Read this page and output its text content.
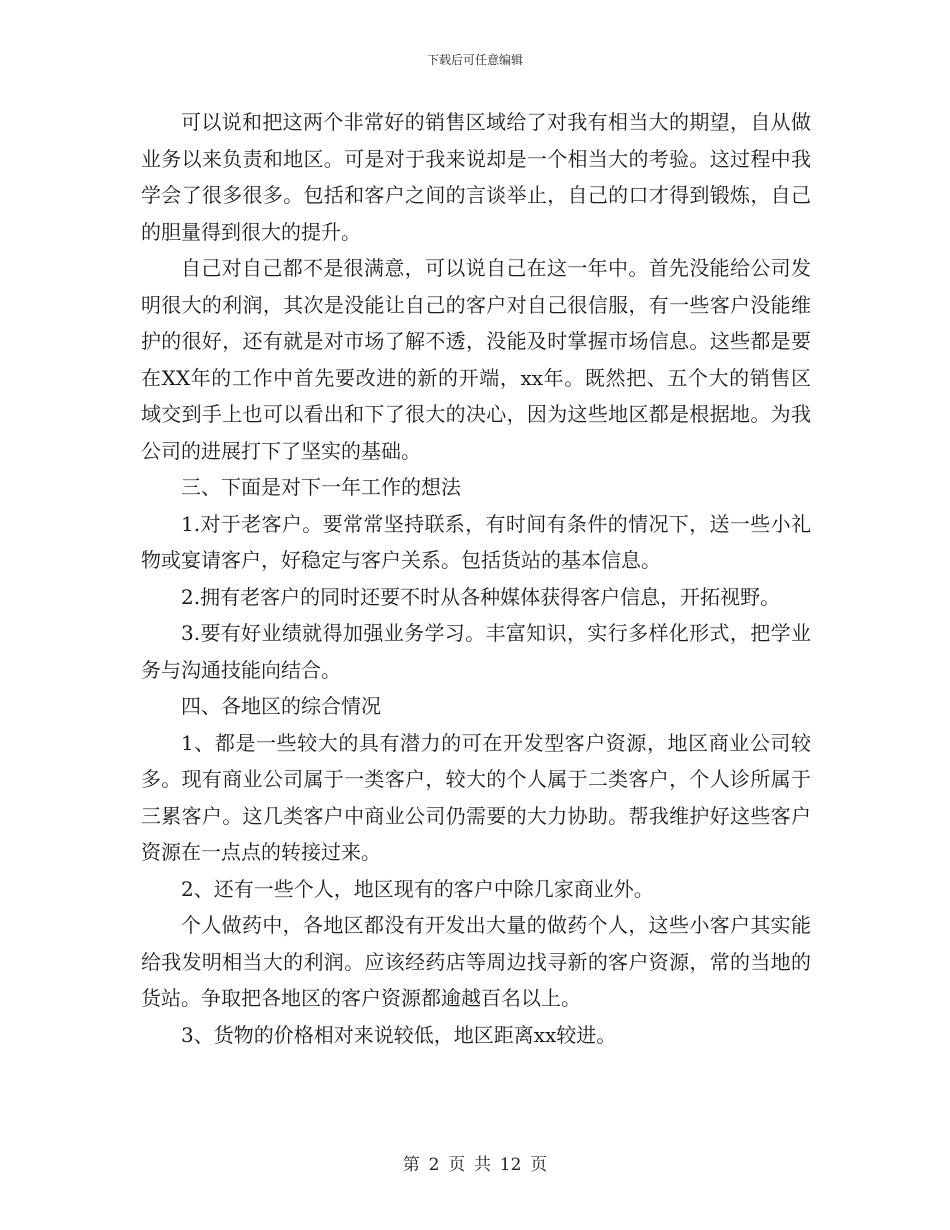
下载后可任意编辑

可以说和把这两个非常好的销售区域给了对我有相当大的期望，自从做业务以来负责和地区。可是对于我来说却是一个相当大的考验。这过程中我学会了很多很多。包括和客户之间的言谈举止，自己的口才得到锻炼，自己的胆量得到很大的提升。

自己对自己都不是很满意，可以说自己在这一年中。首先没能给公司发明很大的利润，其次是没能让自己的客户对自己很信服，有一些客户没能维护的很好，还有就是对市场了解不透，没能及时掌握市场信息。这些都是要在XX年的工作中首先要改进的新的开端，xx年。既然把、五个大的销售区域交到手上也可以看出和下了很大的决心，因为这些地区都是根据地。为我公司的进展打下了坚实的基础。

三、下面是对下一年工作的想法

1.对于老客户。要常常坚持联系，有时间有条件的情况下，送一些小礼物或宴请客户，好稳定与客户关系。包括货站的基本信息。

2.拥有老客户的同时还要不时从各种媒体获得客户信息，开拓视野。

3.要有好业绩就得加强业务学习。丰富知识，实行多样化形式，把学业务与沟通技能向结合。

四、各地区的综合情况

1、都是一些较大的具有潜力的可在开发型客户资源，地区商业公司较多。现有商业公司属于一类客户，较大的个人属于二类客户，个人诊所属于三累客户。这几类客户中商业公司仍需要的大力协助。帮我维护好这些客户资源在一点点的转接过来。

2、还有一些个人，地区现有的客户中除几家商业外。

个人做药中，各地区都没有开发出大量的做药个人，这些小客户其实能给我发明相当大的利润。应该经药店等周边找寻新的客户资源，常的当地的货站。争取把各地区的客户资源都逾越百名以上。

3、货物的价格相对来说较低，地区距离xx较进。

第 2 页 共 12 页
